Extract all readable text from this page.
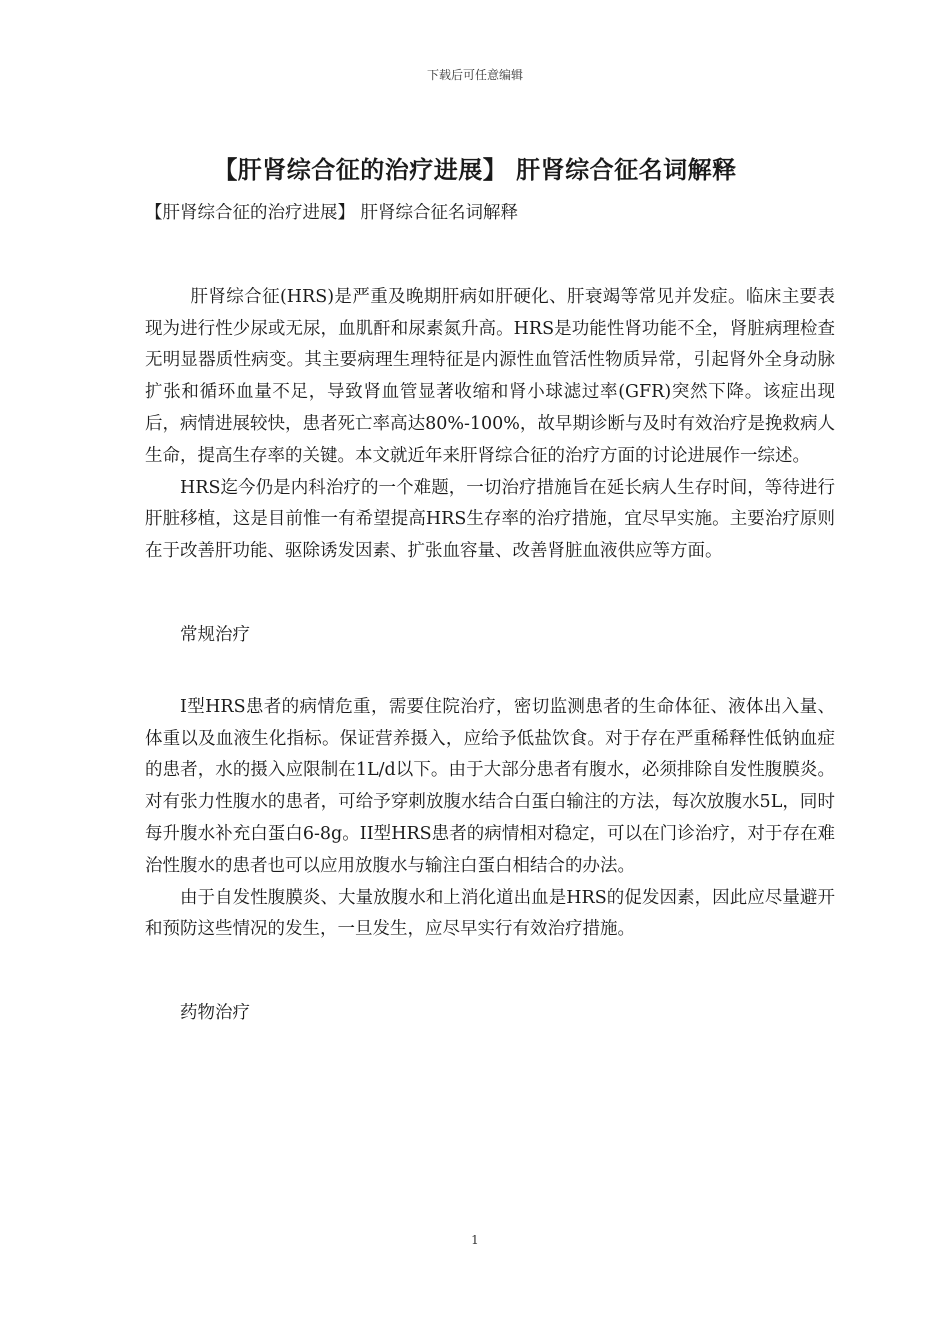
下载后可任意编辑
【肝肾综合征的治疗进展】 肝肾综合征名词解释

【肝肾综合征的治疗进展】 肝肾综合征名词解释

肝肾综合征(HRS)是严重及晚期肝病如肝硬化、肝衰竭等常见并发症。临床主要表现为进行性少尿或无尿，血肌酐和尿素氮升高。HRS是功能性肾功能不全，肾脏病理检查无明显器质性病变。其主要病理生理特征是内源性血管活性物质异常，引起肾外全身动脉扩张和循环血量不足，导致肾血管显著收缩和肾小球滤过率(GFR)突然下降。该症出现后，病情进展较快，患者死亡率高达80%-100%，故早期诊断与及时有效治疗是挽救病人生命，提高生存率的关键。本文就近年来肝肾综合征的治疗方面的讨论进展作一综述。

HRS迄今仍是内科治疗的一个难题，一切治疗措施旨在延长病人生存时间，等待进行肝脏移植，这是目前惟一有希望提高HRS生存率的治疗措施，宜尽早实施。主要治疗原则在于改善肝功能、驱除诱发因素、扩张血容量、改善肾脏血液供应等方面。

常规治疗

I型HRS患者的病情危重，需要住院治疗，密切监测患者的生命体征、液体出入量、体重以及血液生化指标。保证营养摄入，应给予低盐饮食。对于存在严重稀释性低钠血症的患者，水的摄入应限制在1L/d以下。由于大部分患者有腹水，必须排除自发性腹膜炎。对有张力性腹水的患者，可给予穿刺放腹水结合白蛋白输注的方法，每次放腹水5L，同时每升腹水补充白蛋白6-8g。II型HRS患者的病情相对稳定，可以在门诊治疗，对于存在难治性腹水的患者也可以应用放腹水与输注白蛋白相结合的办法。

由于自发性腹膜炎、大量放腹水和上消化道出血是HRS的促发因素，因此应尽量避开和预防这些情况的发生，一旦发生，应尽早实行有效治疗措施。

药物治疗

1
